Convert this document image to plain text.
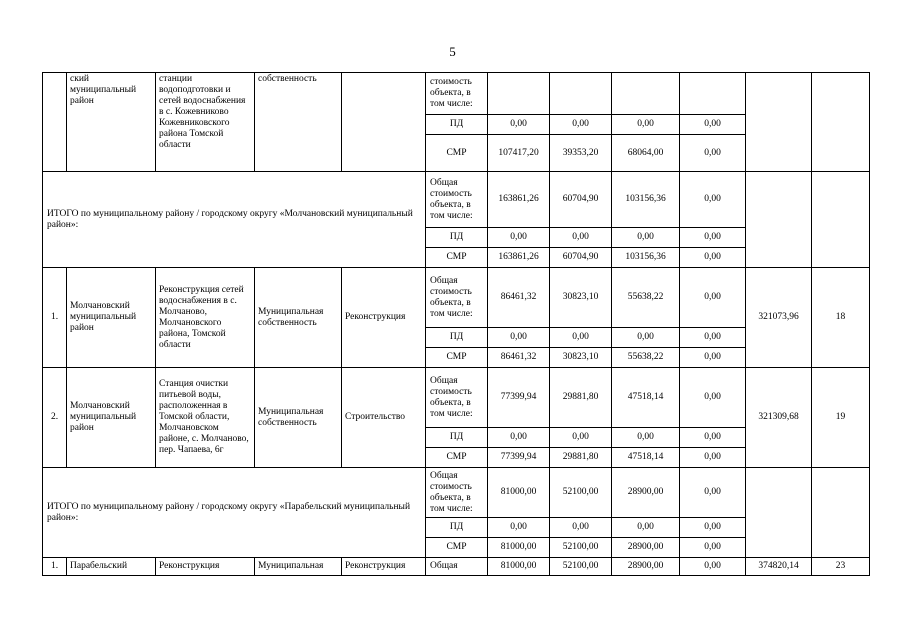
5
	ский муниципальный район	станции водоподготовки и сетей водоснабжения в с. Кожевниково Кожевниковского района Томской области	собственность		стоимость объекта, в том числе:						
					ПД	0,00	0,00	0,00	0,00		
					СМР	107417,20	39353,20	68064,00	0,00		
ИТОГО по муниципальному району / городскому округу «Молчановский муниципальный район»:					Общая стоимость объекта, в том числе:	163861,26	60704,90	103156,36	0,00		
					ПД	0,00	0,00	0,00	0,00		
					СМР	163861,26	60704,90	103156,36	0,00		
1.	Молчановский муниципальный район	Реконструкция сетей водоснабжения в с. Молчаново, Молчановского района, Томской области	Муниципальная собственность	Реконструкция	Общая стоимость объекта, в том числе:	86461,32	30823,10	55638,22	0,00	321073,96	18
					ПД	0,00	0,00	0,00	0,00		
					СМР	86461,32	30823,10	55638,22	0,00		
2.	Молчановский муниципальный район	Станция очистки питьевой воды, расположенная в Томской области, Молчановском районе, с. Молчаново, пер. Чапаева, 6г	Муниципальная собственность	Строительство	Общая стоимость объекта, в том числе:	77399,94	29881,80	47518,14	0,00	321309,68	19
					ПД	0,00	0,00	0,00	0,00		
					СМР	77399,94	29881,80	47518,14	0,00		
ИТОГО по муниципальному району / городскому округу «Парабельский муниципальный район»:					Общая стоимость объекта, в том числе:	81000,00	52100,00	28900,00	0,00		
					ПД	0,00	0,00	0,00	0,00		
					СМР	81000,00	52100,00	28900,00	0,00		
1.	Парабельский	Реконструкция	Муниципальная	Реконструкция	Общая	81000,00	52100,00	28900,00	0,00	374820,14	23
